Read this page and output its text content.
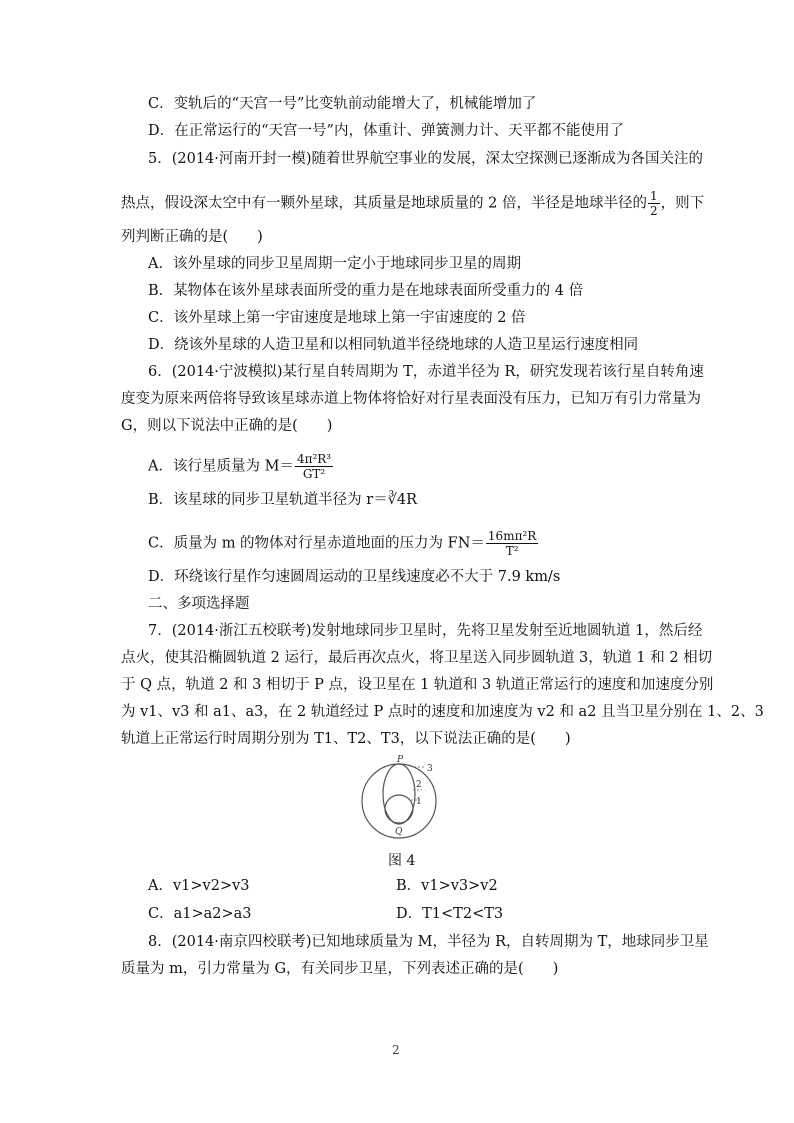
C．变轨后的“天宫一号”比变轨前动能增大了，机械能增加了
D．在正常运行的“天宫一号”内，体重计、弹簧测力计、天平都不能使用了
5．(2014·河南开封一模)随着世界航空事业的发展，深太空探测已逐渐成为各国关注的
热点，假设深太空中有一颗外星球，其质量是地球质量的 2 倍，半径是地球半径的 $\frac{1}{2}$ ，则下
列判断正确的是(　　)
A．该外星球的同步卫星周期一定小于地球同步卫星的周期
B．某物体在该外星球表面所受的重力是在地球表面所受重力的 4 倍
C．该外星球上第一宇宙速度是地球上第一宇宙速度的 2 倍
D．绕该外星球的人造卫星和以相同轨道半径绕地球的人造卫星运行速度相同
6．(2014·宁波模拟)某行星自转周期为 T，赤道半径为 R，研究发现若该行星自转角速
度变为原来两倍将导致该星球赤道上物体将恰好对行星表面没有压力，已知万有引力常量为
G，则以下说法中正确的是(　　)
A．该行星质量为 $M= \frac{\text{4π²R³}}{\text{GT²}}$
B．该星球的同步卫星轨道半径为 r＝∛4R
C．质量为 m 的物体对行星赤道地面的压力为 $FN= \frac{\text{16mπ²R}}{\text{T²}}$
D．环绕该行星作匀速圆周运动的卫星线速度必不大于 7.9 km/s
二、多项选择题
7．(2014·浙江五校联考)发射地球同步卫星时，先将卫星发射至近地圆轨道 1，然后经
点火，使其沿椭圆轨道 2 运行，最后再次点火，将卫星送入同步圆轨道 3，轨道 1 和 2 相切
于 Q 点，轨道 2 和 3 相切于 P 点，设卫星在 1 轨道和 3 轨道正常运行的速度和加速度分别
为 v1、v3 和 a1、a3，在 2 轨道经过 P 点时的速度和加速度为 v2 和 a2 且当卫星分别在 1、2、3
轨道上正常运行时周期分别为 T1、T2、T3，以下说法正确的是(　　)
P
Q
3
2
1
图 4
A．v1>v2>v3	B．v1>v3>v2
C．a1>a2>a3	D．T1<T2<T3
8．(2014·南京四校联考)已知地球质量为 M，半径为 R，自转周期为 T，地球同步卫星
质量为 m，引力常量为 G，有关同步卫星，下列表述正确的是(　　)
2
